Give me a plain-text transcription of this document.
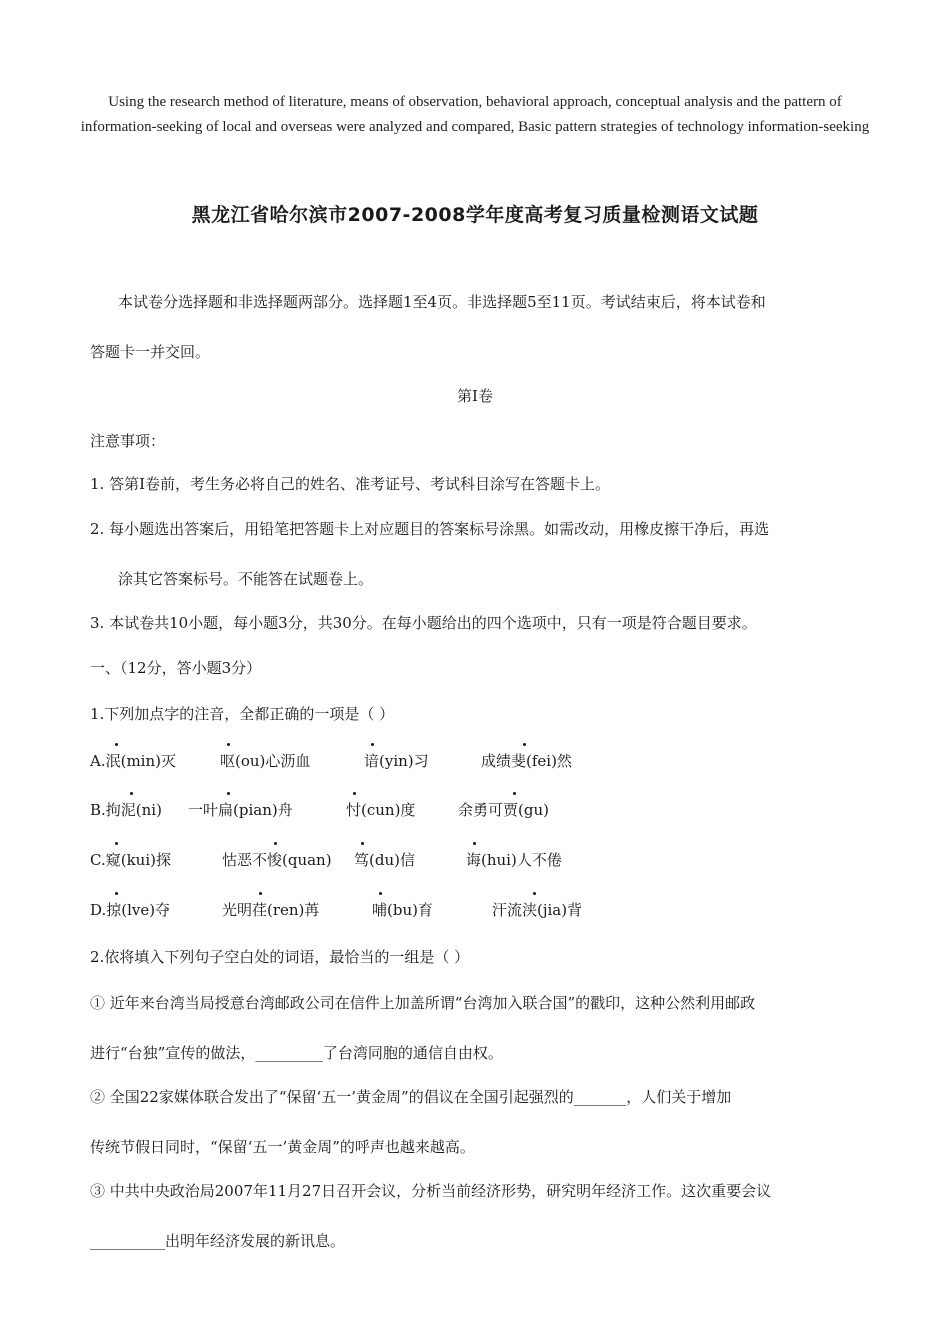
Using the research method of literature, means of observation, behavioral approach, conceptual analysis and the pattern of information-seeking of local and overseas were analyzed and compared, Basic pattern strategies of technology information-seeking
黑龙江省哈尔滨市2007-2008学年度高考复习质量检测语文试题
本试卷分选择题和非选择题两部分。选择题1至4页。非选择题5至11页。考试结束后，将本试卷和
答题卡一并交回。
第Ⅰ卷
注意事项：
1. 答第Ⅰ卷前，考生务必将自己的姓名、准考证号、考试科目涂写在答题卡上。
2. 每小题选出答案后，用铅笔把答题卡上对应题目的答案标号涂黑。如需改动，用橡皮擦干净后，再选
涂其它答案标号。不能答在试题卷上。
3. 本试卷共10小题，每小题3分，共30分。在每小题给出的四个选项中，只有一项是符合题目要求。
一、（12分，答小题3分）
1.下列加点字的注音，全都正确的一项是（ ）
A.泯(min)灭	呕(ou)心沥血	谙(yin)习	成绩斐(fei)然
B.拘泥(ni) 一叶扁(pian)舟	忖(cun)度	余勇可贾(gu)
C.窥(kui)探	怙恶不悛(quan) 笃(du)信	诲(hui)人不倦
D.掠(lve)夺	光明荏(ren)苒	哺(bu)育	汗流浃(jia)背
2.依将填入下列句子空白处的词语，最恰当的一组是（ ）
① 近年来台湾当局授意台湾邮政公司在信件上加盖所谓“台湾加入联合国”的戳印，这种公然利用邮政
进行“台独”宣传的做法，_________了台湾同胞的通信自由权。
② 全国22家媒体联合发出了“保留‘五一’黄金周”的倡议在全国引起强烈的_______，人们关于增加
传统节假日同时，“保留‘五一’黄金周”的呼声也越来越高。
③ 中共中央政治局2007年11月27日召开会议，分析当前经济形势，研究明年经济工作。这次重要会议
__________出明年经济发展的新讯息。
